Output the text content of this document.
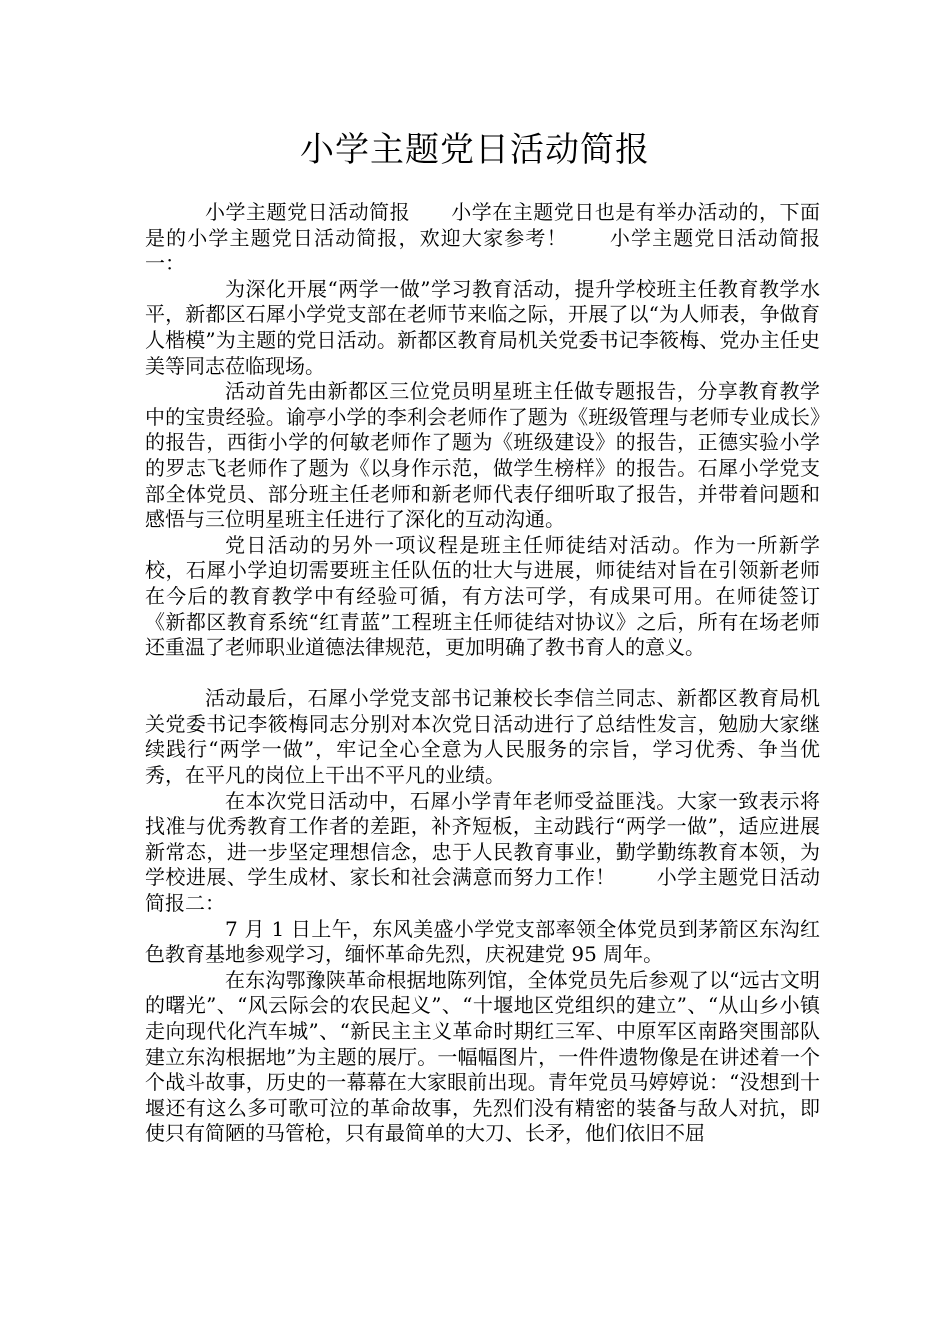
小学主题党日活动简报

小学主题党日活动简报　　小学在主题党日也是有举办活动的，下面是的小学主题党日活动简报，欢迎大家参考！　　小学主题党日活动简报一：

为深化开展“两学一做”学习教育活动，提升学校班主任教育教学水平，新都区石犀小学党支部在老师节来临之际，开展了以“为人师表，争做育人楷模”为主题的党日活动。新都区教育局机关党委书记李筱梅、党办主任史美等同志莅临现场。

活动首先由新都区三位党员明星班主任做专题报告，分享教育教学中的宝贵经验。谕亭小学的李利会老师作了题为《班级管理与老师专业成长》的报告，西街小学的何敏老师作了题为《班级建设》的报告，正德实验小学的罗志飞老师作了题为《以身作示范，做学生榜样》的报告。石犀小学党支部全体党员、部分班主任老师和新老师代表仔细听取了报告，并带着问题和感悟与三位明星班主任进行了深化的互动沟通。

党日活动的另外一项议程是班主任师徒结对活动。作为一所新学校，石犀小学迫切需要班主任队伍的壮大与进展，师徒结对旨在引领新老师在今后的教育教学中有经验可循，有方法可学，有成果可用。在师徒签订《新都区教育系统“红青蓝”工程班主任师徒结对协议》之后，所有在场老师还重温了老师职业道德法律规范，更加明确了教书育人的意义。

活动最后，石犀小学党支部书记兼校长李信兰同志、新都区教育局机关党委书记李筱梅同志分别对本次党日活动进行了总结性发言，勉励大家继续践行“两学一做”，牢记全心全意为人民服务的宗旨，学习优秀、争当优秀，在平凡的岗位上干出不平凡的业绩。

在本次党日活动中，石犀小学青年老师受益匪浅。大家一致表示将找准与优秀教育工作者的差距，补齐短板，主动践行“两学一做”，适应进展新常态，进一步坚定理想信念，忠于人民教育事业，勤学勤练教育本领，为学校进展、学生成材、家长和社会满意而努力工作！　　小学主题党日活动简报二：

7 月 1 日上午，东风美盛小学党支部率领全体党员到茅箭区东沟红色教育基地参观学习，缅怀革命先烈，庆祝建党 95 周年。

在东沟鄂豫陕革命根据地陈列馆，全体党员先后参观了以“远古文明的曙光”、“风云际会的农民起义”、“十堰地区党组织的建立”、“从山乡小镇走向现代化汽车城”、“新民主主义革命时期红三军、中原军区南路突围部队建立东沟根据地”为主题的展厅。一幅幅图片，一件件遗物像是在讲述着一个个战斗故事，历史的一幕幕在大家眼前出现。青年党员马婷婷说：“没想到十堰还有这么多可歌可泣的革命故事，先烈们没有精密的装备与敌人对抗，即使只有简陋的马管枪，只有最简单的大刀、长矛，他们依旧不屈
